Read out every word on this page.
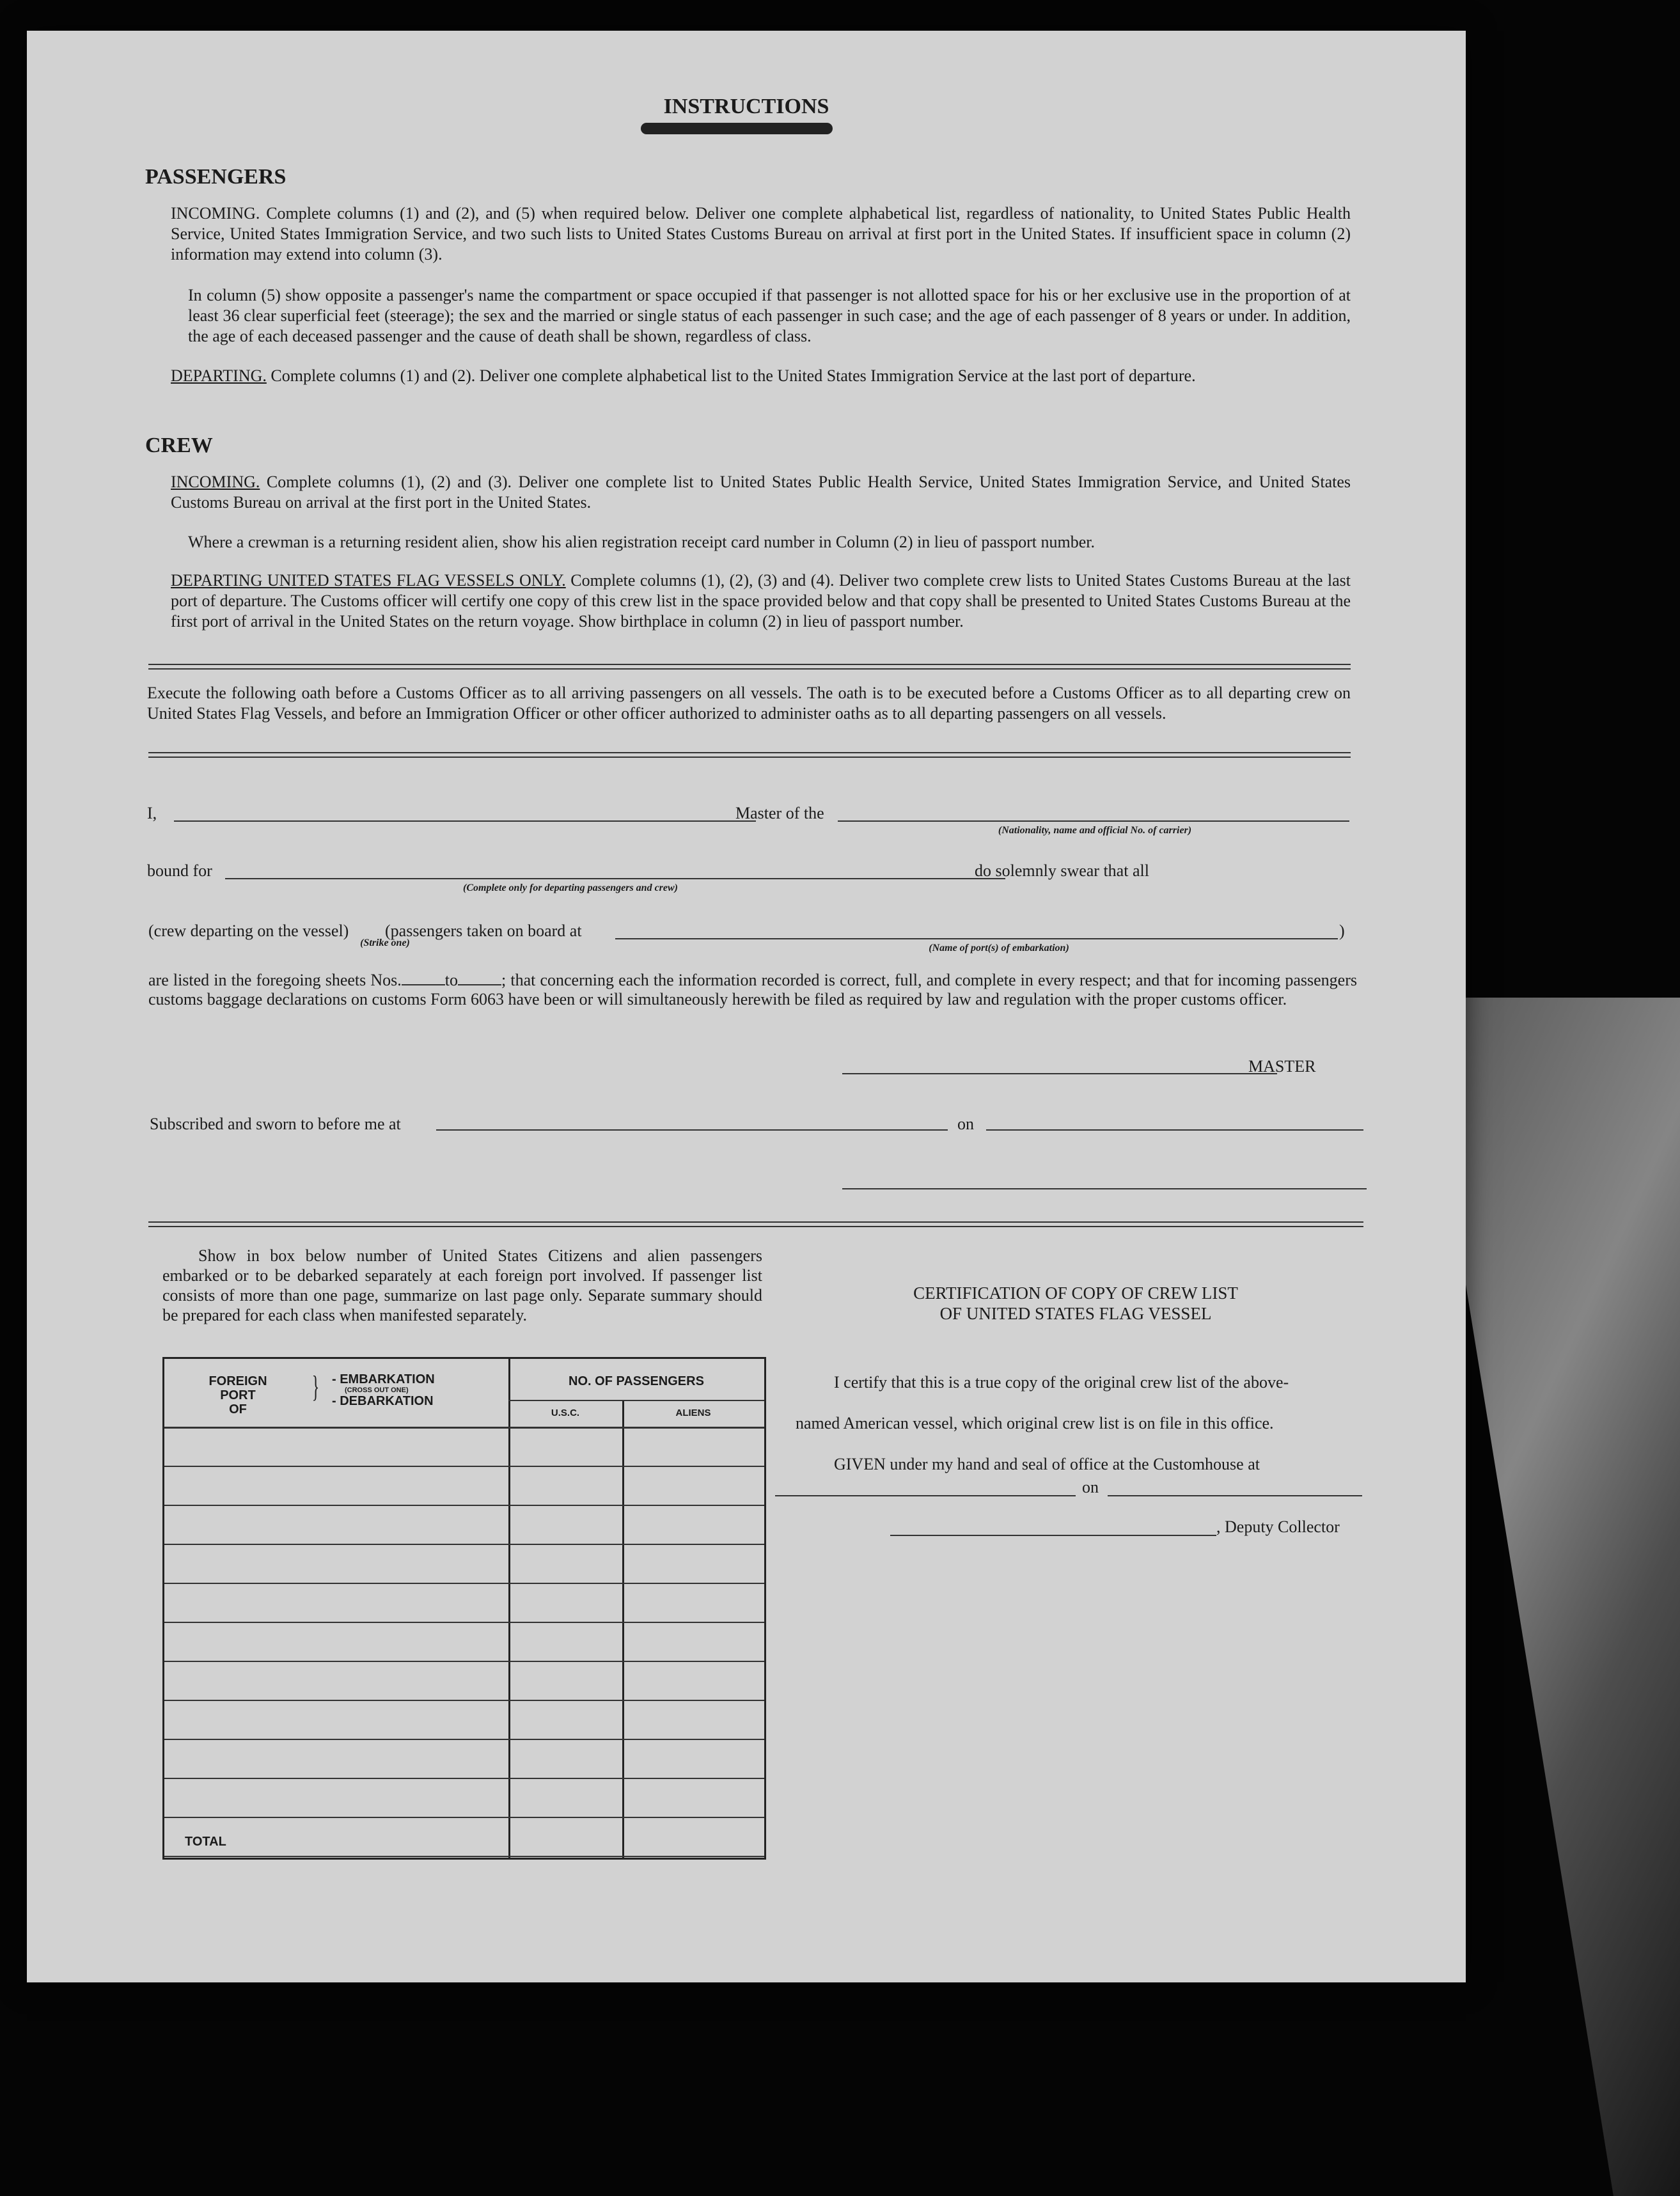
INSTRUCTIONS
PASSENGERS
INCOMING. Complete columns (1) and (2), and (5) when required below. Deliver one complete alphabetical list, regardless of nationality, to United States Public Health Service, United States Immigration Service, and two such lists to United States Customs Bureau on arrival at first port in the United States. If insufficient space in column (2) information may extend into column (3).
In column (5) show opposite a passenger's name the compartment or space occupied if that passenger is not allotted space for his or her exclusive use in the proportion of at least 36 clear superficial feet (steerage); the sex and the married or single status of each passenger in such case; and the age of each passenger of 8 years or under. In addition, the age of each deceased passenger and the cause of death shall be shown, regardless of class.
DEPARTING. Complete columns (1) and (2). Deliver one complete alphabetical list to the United States Immigration Service at the last port of departure.
CREW
INCOMING. Complete columns (1), (2) and (3). Deliver one complete list to United States Public Health Service, United States Immigration Service, and United States Customs Bureau on arrival at the first port in the United States.
Where a crewman is a returning resident alien, show his alien registration receipt card number in Column (2) in lieu of passport number.
DEPARTING UNITED STATES FLAG VESSELS ONLY. Complete columns (1), (2), (3) and (4). Deliver two complete crew lists to United States Customs Bureau at the last port of departure. The Customs officer will certify one copy of this crew list in the space provided below and that copy shall be presented to United States Customs Bureau at the first port of arrival in the United States on the return voyage. Show birthplace in column (2) in lieu of passport number.
Execute the following oath before a Customs Officer as to all arriving passengers on all vessels. The oath is to be executed before a Customs Officer as to all departing crew on United States Flag Vessels, and before an Immigration Officer or other officer authorized to administer oaths as to all departing passengers on all vessels.
I,	Master of the
(Nationality, name and official No. of carrier)
bound for
(Complete only for departing passengers and crew)
do solemnly swear that all
(crew departing on the vessel)
(Strike one)
(passengers taken on board at	)
(Name of port(s) of embarkation)
are listed in the foregoing sheets Nos.	to	; that concerning each the information recorded is correct, full, and complete in every respect; and that for incoming passengers customs baggage declarations on customs Form 6063 have been or will simultaneously herewith be filed as required by law and regulation with the proper customs officer.
MASTER
Subscribed and sworn to before me at	on
Show in box below number of United States Citizens and alien passengers embarked or to be debarked separately at each foreign port involved. If passenger list consists of more than one page, summarize on last page only. Separate summary should be prepared for each class when manifested separately.
FOREIGN
PORT
OF
} - EMBARKATION
(CROSS OUT ONE)
- DEBARKATION
NO. OF PASSENGERS
U.S.C.	ALIENS
TOTAL
CERTIFICATION OF COPY OF CREW LIST
OF UNITED STATES FLAG VESSEL
I certify that this is a true copy of the original crew list of the above-
named American vessel, which original crew list is on file in this office.
GIVEN under my hand and seal of office at the Customhouse at
on
, Deputy Collector
